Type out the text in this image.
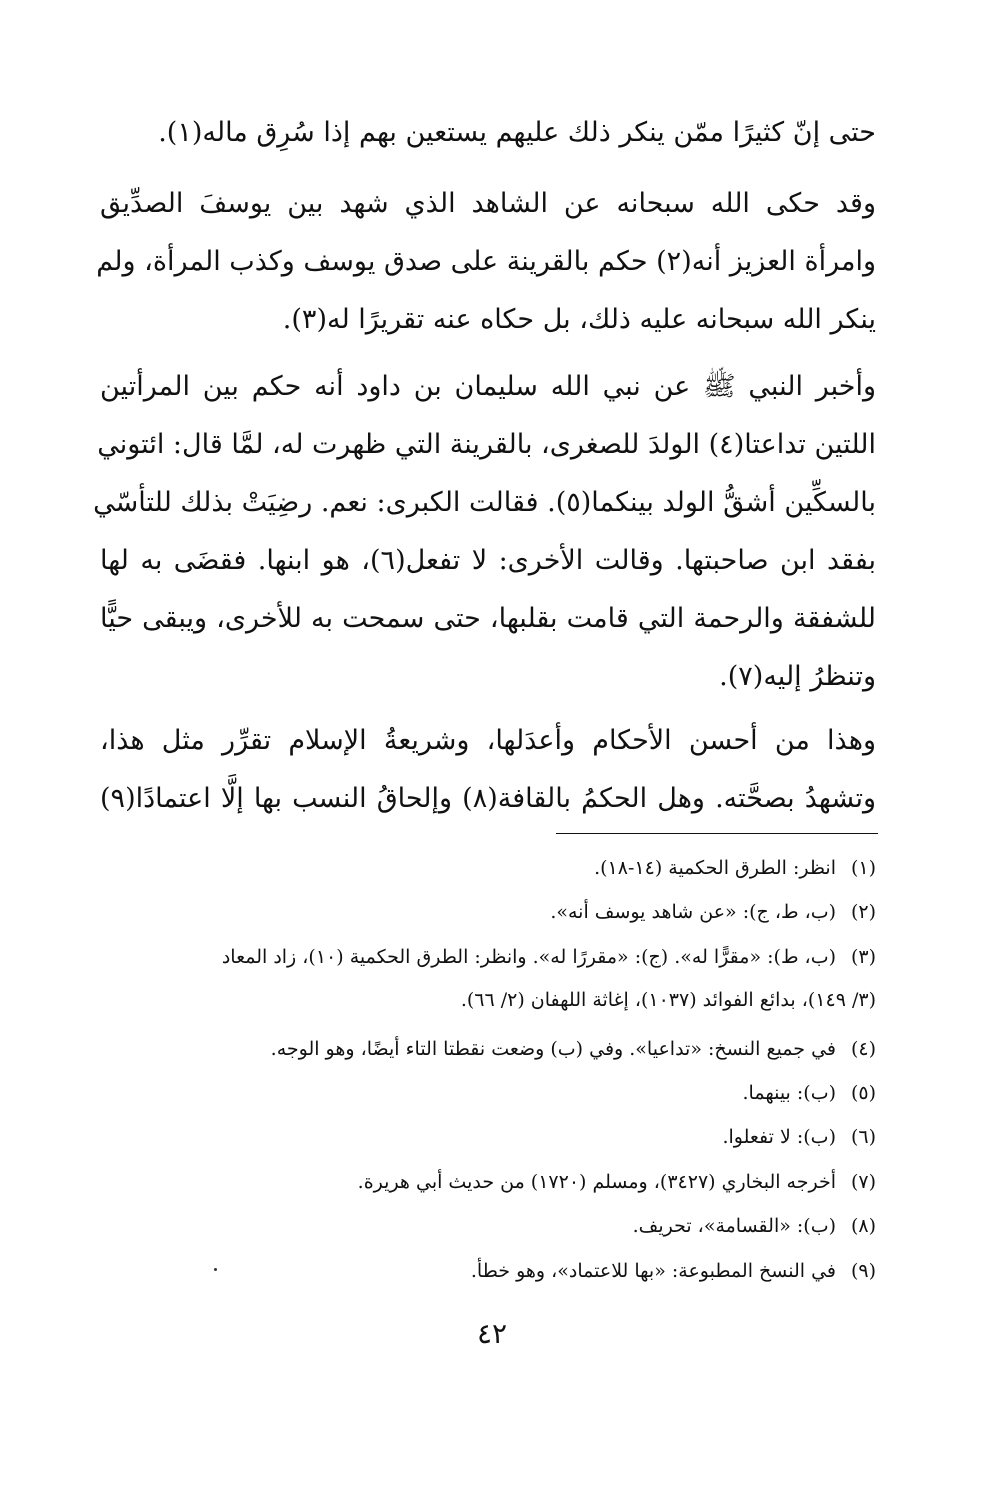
حتى إنّ كثيرًا ممّن ينكر ذلك عليهم يستعين بهم إذا سُرِق ماله(١).
وقد حكى الله سبحانه عن الشاهد الذي شهد بين يوسفَ الصدِّيق
وامرأة العزيز أنه(٢) حكم بالقرينة على صدق يوسف وكذب المرأة، ولم
ينكر الله سبحانه عليه ذلك، بل حكاه عنه تقريرًا له(٣).
وأخبر النبي ﷺ عن نبي الله سليمان بن داود أنه حكم بين المرأتين
اللتين تداعتا(٤) الولدَ للصغرى، بالقرينة التي ظهرت له، لمَّا قال: ائتوني
بالسكِّين أشقُّ الولد بينكما(٥). فقالت الكبرى: نعم. رضِيَتْ بذلك للتأسّي
بفقد ابن صاحبتها. وقالت الأخرى: لا تفعل(٦)، هو ابنها. فقضَى به لها
للشفقة والرحمة التي قامت بقلبها، حتى سمحت به للأخرى، ويبقى حيًّا
وتنظرُ إليه(٧).
وهذا من أحسن الأحكام وأعدَلها، وشريعةُ الإسلام تقرِّر مثل هذا،
وتشهدُ بصحَّته. وهل الحكمُ بالقافة(٨) وإلحاقُ النسب بها إلَّا اعتمادًا(٩)
(١)انظر: الطرق الحكمية (١٤-١٨).
(٢)(ب، ط، ج): «عن شاهد يوسف أنه».
(٣)(ب، ط): «مقرًّا له». (ج): «مقررًا له». وانظر: الطرق الحكمية (١٠)، زاد المعاد
(٣/ ١٤٩)، بدائع الفوائد (١٠٣٧)، إغاثة اللهفان (٢/ ٦٦).
(٤)في جميع النسخ: «تداعيا». وفي (ب) وضعت نقطتا التاء أيضًا، وهو الوجه.
(٥)(ب): بينهما.
(٦)(ب): لا تفعلوا.
(٧)أخرجه البخاري (٣٤٢٧)، ومسلم (١٧٢٠) من حديث أبي هريرة.
(٨)(ب): «القسامة»، تحريف.
(٩)في النسخ المطبوعة: «بها للاعتماد»، وهو خطأ.
٤٢
